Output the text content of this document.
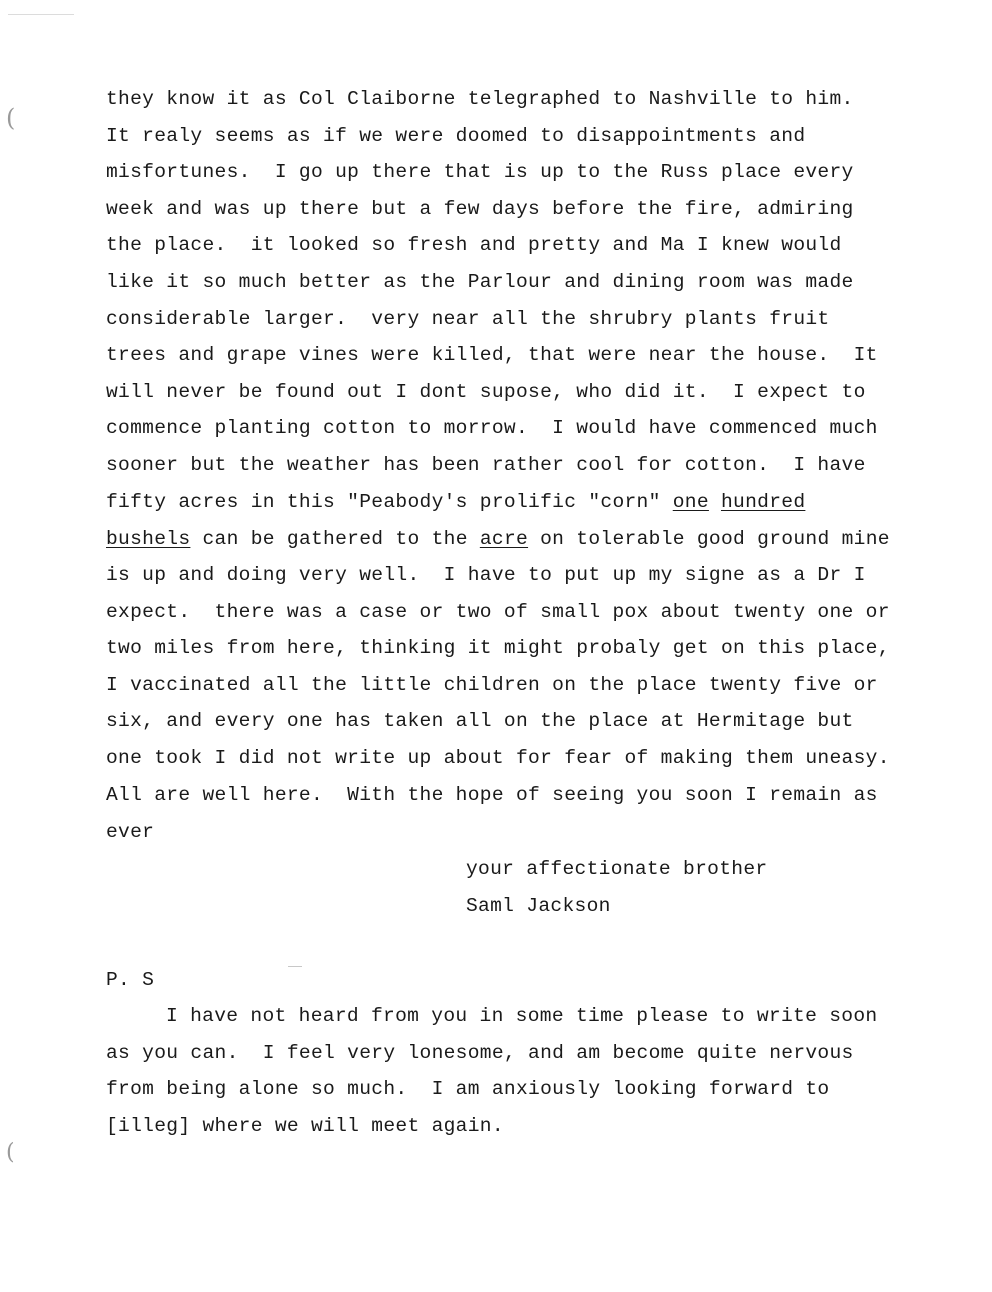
(
(
they know it as Col Claiborne telegraphed to Nashville to him.
It realy seems as if we were doomed to disappointments and
misfortunes.  I go up there that is up to the Russ place every
week and was up there but a few days before the fire, admiring
the place.  it looked so fresh and pretty and Ma I knew would
like it so much better as the Parlour and dining room was made
considerable larger.  very near all the shrubry plants fruit
trees and grape vines were killed, that were near the house.  It
will never be found out I dont supose, who did it.  I expect to
commence planting cotton to morrow.  I would have commenced much
sooner but the weather has been rather cool for cotton.  I have
fifty acres in this "Peabody's prolific "corn" one hundred
bushels can be gathered to the acre on tolerable good ground mine
is up and doing very well.  I have to put up my signe as a Dr I
expect.  there was a case or two of small pox about twenty one or
two miles from here, thinking it might probaly get on this place,
I vaccinated all the little children on the place twenty five or
six, and every one has taken all on the place at Hermitage but
one took I did not write up about for fear of making them uneasy.
All are well here.  With the hope of seeing you soon I remain as
ever
your affectionate brother
Saml Jackson
P. S
I have not heard from you in some time please to write soon
as you can.  I feel very lonesome, and am become quite nervous
from being alone so much.  I am anxiously looking forward to
[illeg] where we will meet again.
